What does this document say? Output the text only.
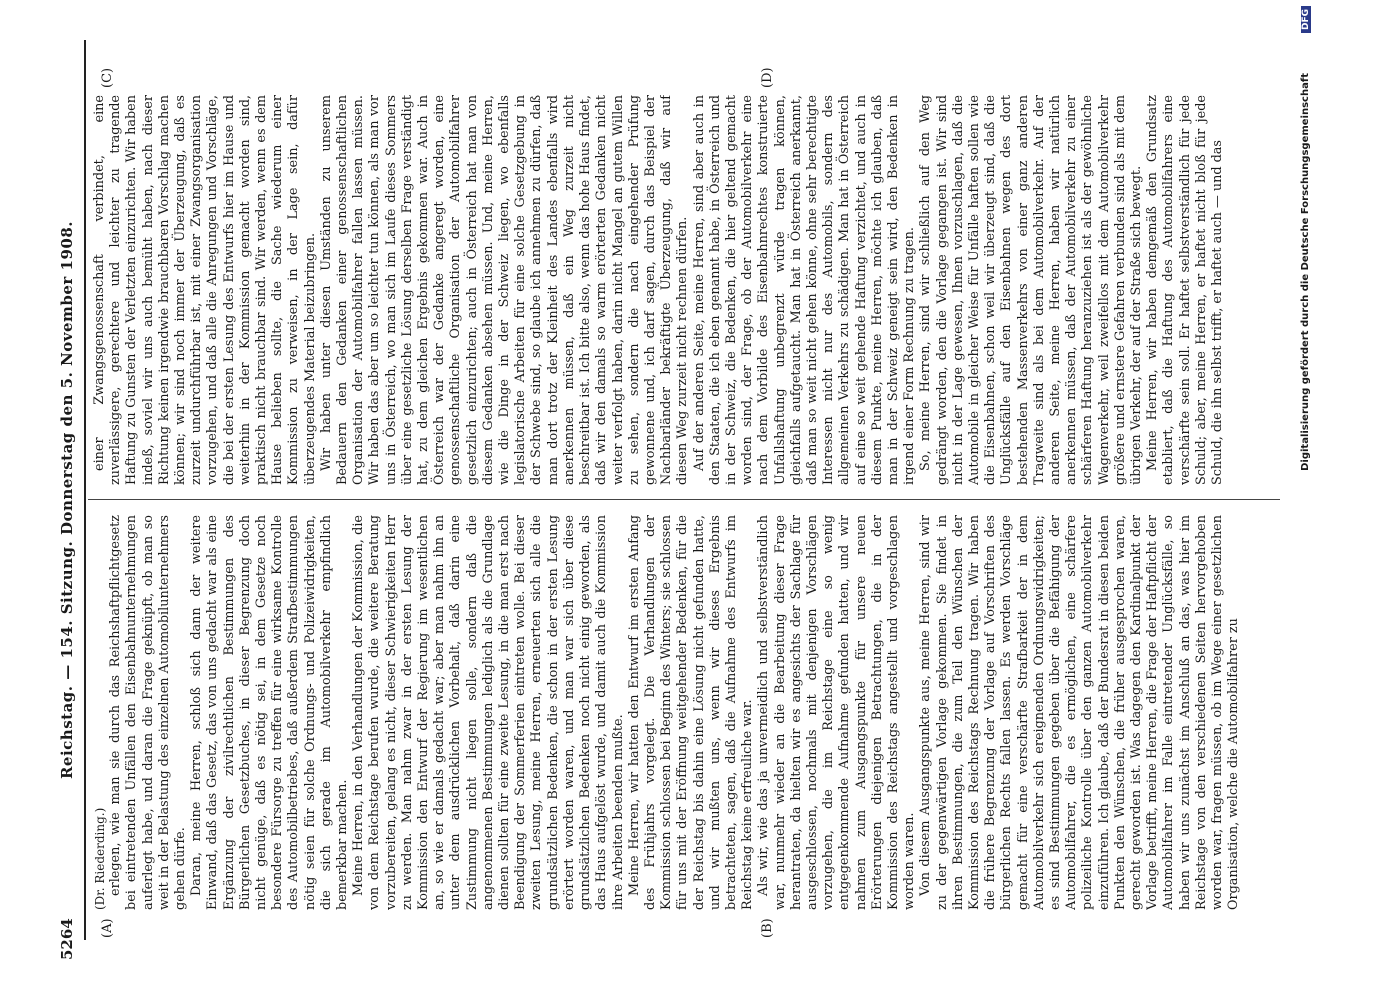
5264
Reichstag. — 154. Sitzung. Donnerstag den 5. November 1908.
(A)	(B)
(C)	(D)

(Dr. Riederding.) erlegen, wie man sie durch das Reichshaftpflichtgesetz bei eintretenden Unfällen den Eisenbahnunternehmungen auferlegt habe, und daran die Frage geknüpft, ob man so weit in der Belastung des einzelnen Automobilunternehmers gehen dürfe. Daran, meine Herren, schloß sich dann der weitere Einwand, daß das Gesetz, das von uns gedacht war als eine Ergänzung der zivilrechtlichen Bestimmungen des Bürgerlichen Gesetzbuches, in dieser Begrenzung doch nicht genüge, daß es nötig sei, in dem Gesetze noch besondere Fürsorge zu treffen für eine wirksame Kontrolle des Automobilbetriebes, daß außerdem Strafbestimmungen nötig seien für solche Ordnungs- und Polizeiwidrigkeiten, die sich gerade im Automobilverkehr empfindlich bemerkbar machen. Meine Herren, in den Verhandlungen der Kommission, die von dem Reichstage berufen wurde, die weitere Beratung vorzubereiten, gelang es nicht, dieser Schwierigkeiten Herr zu werden. Man nahm zwar in der ersten Lesung der Kommission den Entwurf der Regierung im wesentlichen an, so wie er damals gedacht war; aber man nahm ihn an unter dem ausdrücklichen Vorbehalt, daß darin eine Zustimmung nicht liegen solle, sondern daß die angenommenen Bestimmungen lediglich als die Grundlage dienen sollten für eine zweite Lesung, in die man erst nach Beendigung der Sommerferien eintreten wolle. Bei dieser zweiten Lesung, meine Herren, erneuerten sich alle die grundsätzlichen Bedenken, die schon in der ersten Lesung erörtert worden waren, und man war sich über diese grundsätzlichen Bedenken noch nicht einig geworden, als das Haus aufgelöst wurde, und damit auch die Kommission ihre Arbeiten beenden mußte. Meine Herren, wir hatten den Entwurf im ersten Anfang des Frühjahrs vorgelegt. Die Verhandlungen der Kommission schlossen bei Beginn des Winters; sie schlossen für uns mit der Eröffnung weitgehender Bedenken, für die der Reichstag bis dahin eine Lösung nicht gefunden hatte, und wir mußten uns, wenn wir dieses Ergebnis betrachteten, sagen, daß die Aufnahme des Entwurfs im Reichstag keine erfreuliche war. Als wir, wie das ja unvermeidlich und selbstverständlich war, nunmehr wieder an die Bearbeitung dieser Frage herantraten, da hielten wir es angesichts der Sachlage für ausgeschlossen, nochmals mit denjenigen Vorschlägen vorzugehen, die im Reichstage eine so wenig entgegenkommende Aufnahme gefunden hatten, und wir nahmen zum Ausgangspunkte für unsere neuen Erörterungen diejenigen Betrachtungen, die in der Kommission des Reichstags angestellt und vorgeschlagen worden waren. Von diesem Ausgangspunkte aus, meine Herren, sind wir zu der gegenwärtigen Vorlage gekommen. Sie findet in ihren Bestimmungen, die zum Teil den Wünschen der Kommission des Reichstags Rechnung tragen. Wir haben die frühere Begrenzung der Vorlage auf Vorschriften des bürgerlichen Rechts fallen lassen. Es werden Vorschläge gemacht für eine verschärfte Strafbarkeit der in dem Automobilverkehr sich ereignenden Ordnungswidrigkeiten; es sind Bestimmungen gegeben über die Befähigung der Automobilfahrer, die es ermöglichen, eine schärfere polizeiliche Kontrolle über den ganzen Automobilverkehr einzuführen. Ich glaube, daß der Bundesrat in diesen beiden Punkten den Wünschen, die früher ausgesprochen waren, gerecht geworden ist. Was dagegen den Kardinalpunkt der Vorlage betrifft, meine Herren, die Frage der Haftpflicht der Automobilfahrer im Falle eintretender Unglücksfälle, so haben wir uns zunächst im Anschluß an das, was hier im Reichstage von den verschiedenen Seiten hervorgehoben worden war, fragen müssen, ob im Wege einer gesetzlichen Organisation, welche die Automobilfahrer zu

einer Zwangsgenossenschaft verbindet, eine zuverlässigere, gerechtere und leichter zu tragende Haftung zu Gunsten der Verletzten einzurichten. Wir haben indeß, soviel wir uns auch bemüht haben, nach dieser Richtung keinen irgendwie brauchbaren Vorschlag machen können; wir sind noch immer der Überzeugung, daß es zurzeit undurchführbar ist, mit einer Zwangsorganisation vorzugehen, und daß alle die Anregungen und Vorschläge, die bei der ersten Lesung des Entwurfs hier im Hause und weiterhin in der Kommission gemacht worden sind, praktisch nicht brauchbar sind. Wir werden, wenn es dem Hause belieben sollte, die Sache wiederum einer Kommission zu verweisen, in der Lage sein, dafür überzeugendes Material beizubringen. Wir haben unter diesen Umständen zu unserem Bedauern den Gedanken einer genossenschaftlichen Organisation der Automobilfahrer fallen lassen müssen. Wir haben das aber um so leichter tun können, als man vor uns in Österreich, wo man sich im Laufe dieses Sommers über eine gesetzliche Lösung derselben Frage verständigt hat, zu dem gleichen Ergebnis gekommen war. Auch in Österreich war der Gedanke angeregt worden, eine genossenschaftliche Organisation der Automobilfahrer gesetzlich einzurichten; auch in Österreich hat man von diesem Gedanken absehen müssen. Und, meine Herren, wie die Dinge in der Schweiz liegen, wo ebenfalls legislatorische Arbeiten für eine solche Gesetzgebung in der Schwebe sind, so glaube ich annehmen zu dürfen, daß man dort trotz der Kleinheit des Landes ebenfalls wird anerkennen müssen, daß ein Weg zurzeit nicht beschreitbar ist. Ich bitte also, wenn das hohe Haus findet, daß wir den damals so warm erörterten Gedanken nicht weiter verfolgt haben, darin nicht Mangel an gutem Willen zu sehen, sondern die nach eingehender Prüfung gewonnene und, ich darf sagen, durch das Beispiel der Nachbarländer bekräftigte Überzeugung, daß wir auf diesen Weg zurzeit nicht rechnen dürfen. Auf der anderen Seite, meine Herren, sind aber auch in den Staaten, die ich eben genannt habe, in Österreich und in der Schweiz, die Bedenken, die hier geltend gemacht worden sind, der Frage, ob der Automobilverkehr eine nach dem Vorbilde des Eisenbahnrechtes konstruierte Unfallshaftung unbegrenzt würde tragen können, gleichfalls aufgetaucht. Man hat in Österreich anerkannt, daß man so weit nicht gehen könne, ohne sehr berechtigte Interessen nicht nur des Automobils, sondern des allgemeinen Verkehrs zu schädigen. Man hat in Österreich auf eine so weit gehende Haftung verzichtet, und auch in diesem Punkte, meine Herren, möchte ich glauben, daß man in der Schweiz geneigt sein wird, den Bedenken in irgend einer Form Rechnung zu tragen. So, meine Herren, sind wir schließlich auf den Weg gedrängt worden, den die Vorlage gegangen ist. Wir sind nicht in der Lage gewesen, Ihnen vorzuschlagen, daß die Automobile in gleicher Weise für Unfälle haften sollen wie die Eisenbahnen, schon weil wir überzeugt sind, daß die Unglücksfälle auf den Eisenbahnen wegen des dort bestehenden Massenverkehrs von einer ganz anderen Tragweite sind als bei dem Automobilverkehr. Auf der anderen Seite, meine Herren, haben wir natürlich anerkennen müssen, daß der Automobilverkehr zu einer schärferen Haftung heranzuziehen ist als der gewöhnliche Wagenverkehr, weil zweifellos mit dem Automobilverkehr größere und ernstere Gefahren verbunden sind als mit dem übrigen Verkehr, der auf der Straße sich bewegt. Meine Herren, wir haben demgemäß den Grundsatz etabliert, daß die Haftung des Automobilfahrers eine verschärfte sein soll. Er haftet selbstverständlich für jede Schuld; aber, meine Herren, er haftet nicht bloß für jede Schuld, die ihn selbst trifft, er haftet auch — und das	Digitalisierung gefördert durch die Deutsche ForschungsgemeinschaftDFG
